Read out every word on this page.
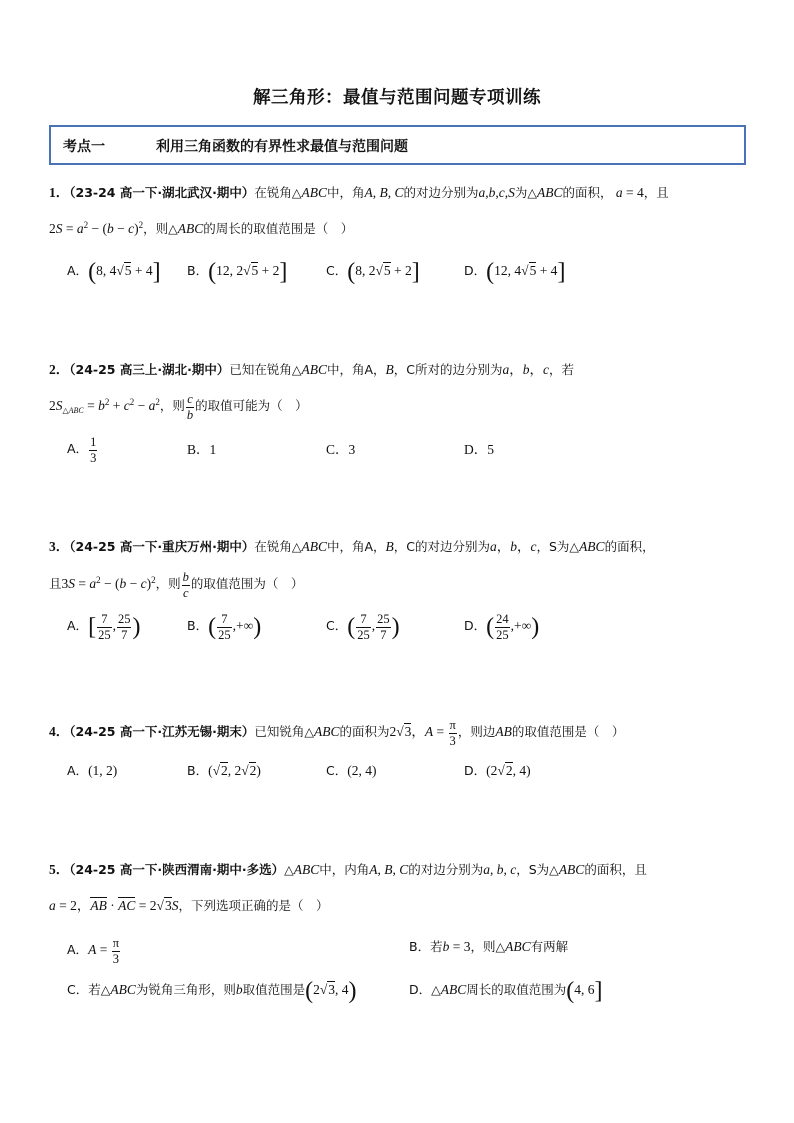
解三角形：最值与范围问题专项训练
考点一	利用三角函数的有界性求最值与范围问题
1．（23-24 高一下·湖北武汉·期中）在锐角△ABC中，角A, B, C的对边分别为a,b,c,S为△ABC的面积， a = 4，且
$2S = a^2 - (b - c)^2$，则△ABC的周长的取值范围是（　）
A．(8, 4√5 + 4] B．(12, 2√5 + 2]	C．(8, 2√5 + 2]	D．(12, 4√5 + 4]
2．（24-25 高三上·湖北·期中）已知在锐角△ABC中，角A，B，C所对的边分别为a，b，c，若
$2S_{\triangle ABC} = b^2 + c^2 - a^2$，则 $\frac{c}{b}$ 的取值可能为（　）
A． $\frac{1}{3}$	B．1	C．3	D．5
3．（24-25 高一下·重庆万州·期中）在锐角△ABC中，角A，B，C的对边分别为a，b，c，S为△ABC的面积，
且$3S = a^2 - (b - c)^2$，则 $\frac{b}{c}$ 的取值范围为（　）
A．[ $\frac{7}{25}$ , $\frac{25}{7}$ )	B．( $\frac{7}{25}$ ,+∞)	C．( $\frac{7}{25}$ , $\frac{25}{7}$ )	D．( $\frac{24}{25}$ ,+∞)
4．（24-25 高一下·江苏无锡·期末）已知锐角△ABC的面积为2√3，$A = \frac{\pi}{3}$ ，则边AB的取值范围是（　）
A．(1, 2)	B．(√2, 2√2)	C．(2, 4)	D．(2√2, 4)
5．（24-25 高一下·陕西渭南·期中·多选）△ABC中，内角A, B, C的对边分别为a, b, c，S为△ABC的面积，且
a = 2，AB · AC = 2√3S，下列选项正确的是（　）
A．$A = \frac{\pi}{3}$	B．若b = 3，则△ABC有两解
C．若△ABC为锐角三角形，则b取值范围是(2√3, 4)	D．△ABC周长的取值范围为(4, 6]
